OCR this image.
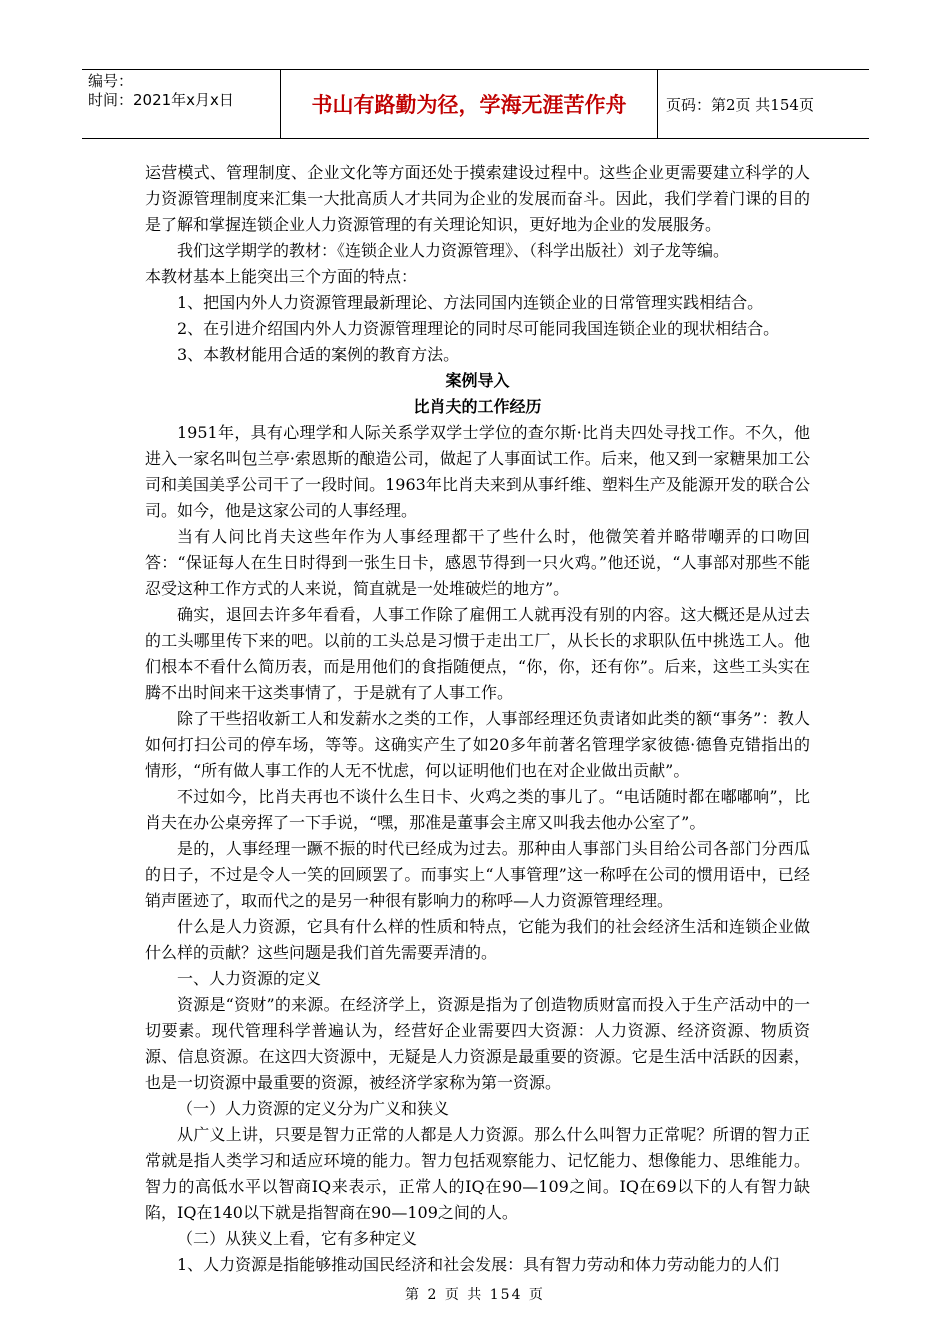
编号：
时间：2021年x月x日	书山有路勤为径，学海无涯苦作舟	页码：第2页 共154页

运营模式、管理制度、企业文化等方面还处于摸索建设过程中。这些企业更需要建立科学的人力资源管理制度来汇集一大批高质人才共同为企业的发展而奋斗。因此，我们学着门课的目的是了解和掌握连锁企业人力资源管理的有关理论知识，更好地为企业的发展服务。

我们这学期学的教材：《连锁企业人力资源管理》、（科学出版社）刘子龙等编。

本教材基本上能突出三个方面的特点：

1、把国内外人力资源管理最新理论、方法同国内连锁企业的日常管理实践相结合。

2、在引进介绍国内外人力资源管理理论的同时尽可能同我国连锁企业的现状相结合。

3、本教材能用合适的案例的教育方法。

案例导入

比肖夫的工作经历

1951年，具有心理学和人际关系学双学士学位的查尔斯·比肖夫四处寻找工作。不久，他进入一家名叫包兰亭·索恩斯的酿造公司，做起了人事面试工作。后来，他又到一家糖果加工公司和美国美孚公司干了一段时间。1963年比肖夫来到从事纤维、塑料生产及能源开发的联合公司。如今，他是这家公司的人事经理。

当有人问比肖夫这些年作为人事经理都干了些什么时，他微笑着并略带嘲弄的口吻回答：“保证每人在生日时得到一张生日卡，感恩节得到一只火鸡。”他还说，“人事部对那些不能忍受这种工作方式的人来说，简直就是一处堆破烂的地方”。

确实，退回去许多年看看，人事工作除了雇佣工人就再没有别的内容。这大概还是从过去的工头哪里传下来的吧。以前的工头总是习惯于走出工厂，从长长的求职队伍中挑选工人。他们根本不看什么简历表，而是用他们的食指随便点，“你，你，还有你”。后来，这些工头实在腾不出时间来干这类事情了，于是就有了人事工作。

除了干些招收新工人和发薪水之类的工作，人事部经理还负责诸如此类的额“事务”：教人如何打扫公司的停车场，等等。这确实产生了如20多年前著名管理学家彼德·德鲁克错指出的情形，“所有做人事工作的人无不忧虑，何以证明他们也在对企业做出贡献”。

不过如今，比肖夫再也不谈什么生日卡、火鸡之类的事儿了。“电话随时都在嘟嘟响”，比肖夫在办公桌旁挥了一下手说，“嘿，那准是董事会主席又叫我去他办公室了”。

是的，人事经理一蹶不振的时代已经成为过去。那种由人事部门头目给公司各部门分西瓜的日子，不过是令人一笑的回顾罢了。而事实上“人事管理”这一称呼在公司的惯用语中，已经销声匿迹了，取而代之的是另一种很有影响力的称呼—人力资源管理经理。

什么是人力资源，它具有什么样的性质和特点，它能为我们的社会经济生活和连锁企业做什么样的贡献？这些问题是我们首先需要弄清的。

一、人力资源的定义

资源是“资财”的来源。在经济学上，资源是指为了创造物质财富而投入于生产活动中的一切要素。现代管理科学普遍认为，经营好企业需要四大资源：人力资源、经济资源、物质资源、信息资源。在这四大资源中，无疑是人力资源是最重要的资源。它是生活中活跃的因素，也是一切资源中最重要的资源，被经济学家称为第一资源。

（一）人力资源的定义分为广义和狭义

从广义上讲，只要是智力正常的人都是人力资源。那么什么叫智力正常呢？所谓的智力正常就是指人类学习和适应环境的能力。智力包括观察能力、记忆能力、想像能力、思维能力。智力的高低水平以智商IQ来表示，正常人的IQ在90—109之间。IQ在69以下的人有智力缺陷，IQ在140以下就是指智商在90—109之间的人。

（二）从狭义上看，它有多种定义

1、人力资源是指能够推动国民经济和社会发展：具有智力劳动和体力劳动能力的人们

第 2 页 共 154 页
